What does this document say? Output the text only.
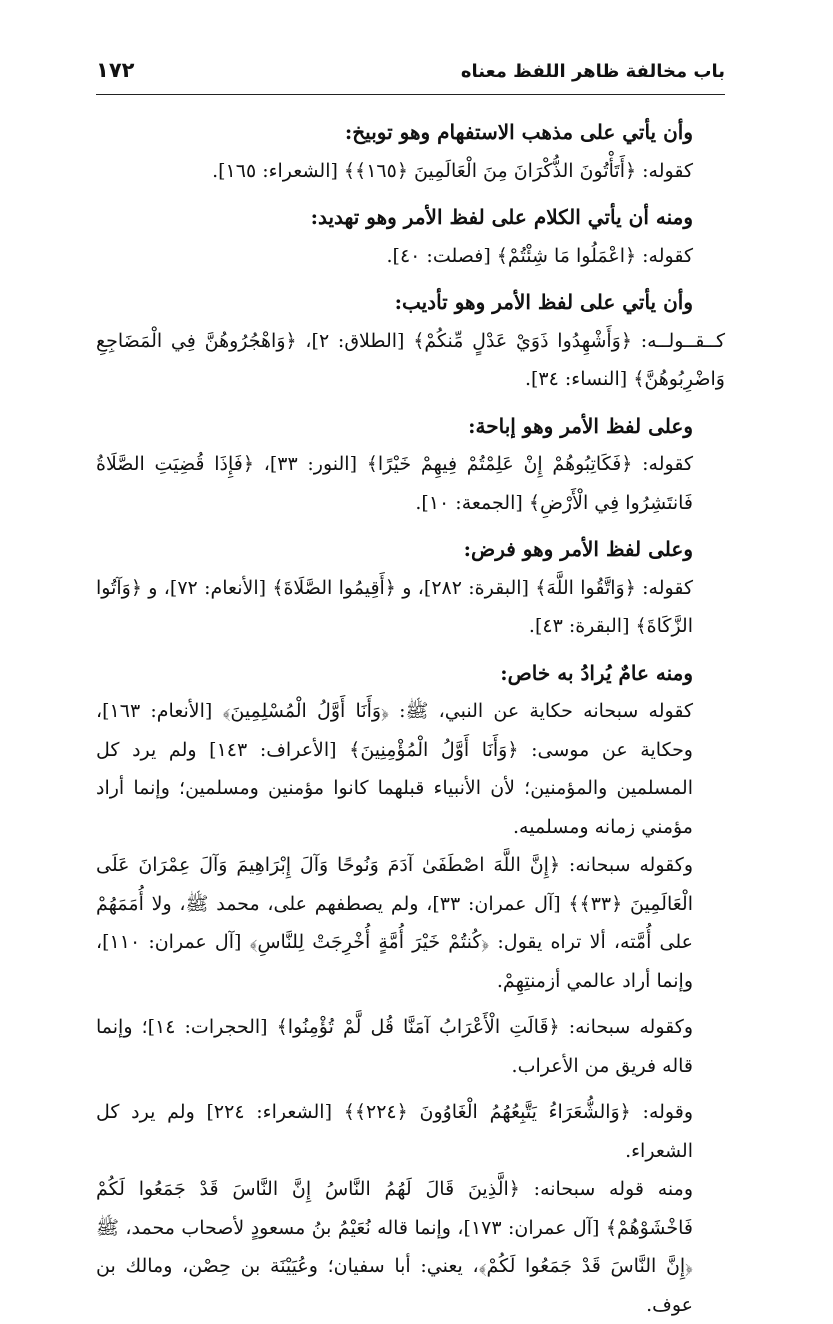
باب مخالفة ظاهر اللفظ معناه
١٧٢

وأن يأتي على مذهب الاستفهام وهو توبيخ:

كقوله: ﴿أَتَأْتُونَ الذُّكْرَانَ مِنَ الْعَالَمِينَ ﴿١٦٥﴾﴾ [الشعراء: ١٦٥].

ومنه أن يأتي الكلام على لفظ الأمر وهو تهديد:

كقوله: ﴿اعْمَلُوا مَا شِئْتُمْ﴾ [فصلت: ٤٠].

وأن يأتي على لفظ الأمر وهو تأديب:

كــقــولــه: ﴿وَأَشْهِدُوا ذَوَيْ عَدْلٍ مِّنكُمْ﴾ [الطلاق: ٢]، ﴿وَاهْجُرُوهُنَّ فِي الْمَضَاجِعِ وَاضْرِبُوهُنَّ﴾ [النساء: ٣٤].

وعلى لفظ الأمر وهو إباحة:

كقوله: ﴿فَكَاتِبُوهُمْ إِنْ عَلِمْتُمْ فِيهِمْ خَيْرًا﴾ [النور: ٣٣]، ﴿فَإِذَا قُضِيَتِ الصَّلَاةُ فَانتَشِرُوا فِي الْأَرْضِ﴾ [الجمعة: ١٠].

وعلى لفظ الأمر وهو فرض:

كقوله: ﴿وَاتَّقُوا اللَّهَ﴾ [البقرة: ٢٨٢]، و ﴿أَقِيمُوا الصَّلَاةَ﴾ [الأنعام: ٧٢]، و ﴿وَآتُوا الزَّكَاةَ﴾ [البقرة: ٤٣].

ومنه عامٌ يُرادُ به خاص:

كقوله سبحانه حكاية عن النبي، ﷺ: ﴿وَأَنَا أَوَّلُ الْمُسْلِمِينَ﴾ [الأنعام: ١٦٣]، وحكاية عن موسى: ﴿وَأَنَا أَوَّلُ الْمُؤْمِنِينَ﴾ [الأعراف: ١٤٣] ولم يرد كل المسلمين والمؤمنين؛ لأن الأنبياء قبلهما كانوا مؤمنين ومسلمين؛ وإنما أراد مؤمني زمانه ومسلميه.

وكقوله سبحانه: ﴿إِنَّ اللَّهَ اصْطَفَىٰ آدَمَ وَنُوحًا وَآلَ إِبْرَاهِيمَ وَآلَ عِمْرَانَ عَلَى الْعَالَمِينَ ﴿٣٣﴾﴾ [آل عمران: ٣٣]، ولم يصطفهم على، محمد ﷺ، ولا أُمَمَهُمْ على أُمَّته، ألا تراه يقول: ﴿كُنتُمْ خَيْرَ أُمَّةٍ أُخْرِجَتْ لِلنَّاسِ﴾ [آل عمران: ١١٠]، وإنما أراد عالمي أزمنتِهِمْ.

وكقوله سبحانه: ﴿قَالَتِ الْأَعْرَابُ آمَنَّا قُل لَّمْ تُؤْمِنُوا﴾ [الحجرات: ١٤]؛ وإنما قاله فريق من الأعراب.

وقوله: ﴿وَالشُّعَرَاءُ يَتَّبِعُهُمُ الْغَاوُونَ ﴿٢٢٤﴾﴾ [الشعراء: ٢٢٤] ولم يرد كل الشعراء.

ومنه قوله سبحانه: ﴿الَّذِينَ قَالَ لَهُمُ النَّاسُ إِنَّ النَّاسَ قَدْ جَمَعُوا لَكُمْ فَاخْشَوْهُمْ﴾ [آل عمران: ١٧٣]، وإنما قاله نُعَيْمُ بنُ مسعودٍ لأصحاب محمد، ﷺ ﴿إِنَّ النَّاسَ قَدْ جَمَعُوا لَكُمْ﴾، يعني: أبا سفيان؛ وعُيَيْنَة بن حِصْن، ومالك بن عوف.
